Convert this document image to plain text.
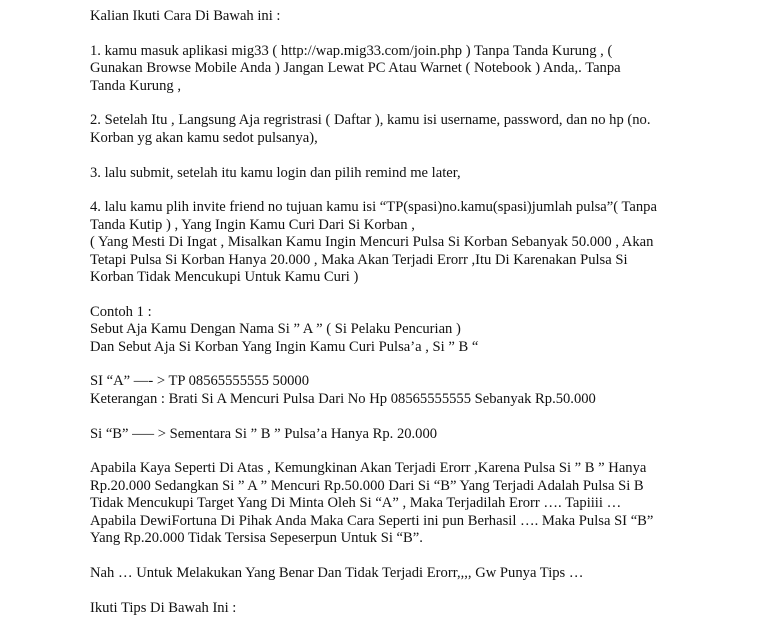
Kalian Ikuti Cara Di Bawah ini :

1. kamu masuk aplikasi mig33 ( http://wap.mig33.com/join.php ) Tanpa Tanda Kurung , (
Gunakan Browse Mobile Anda ) Jangan Lewat PC Atau Warnet ( Notebook ) Anda,. Tanpa
Tanda Kurung ,

2. Setelah Itu , Langsung Aja regristrasi ( Daftar ), kamu isi username, password, dan no hp (no.
Korban yg akan kamu sedot pulsanya),

3. lalu submit, setelah itu kamu login dan pilih remind me later,

4. lalu kamu plih invite friend no tujuan kamu isi “TP(spasi)no.kamu(spasi)jumlah pulsa”( Tanpa
Tanda Kutip ) , Yang Ingin Kamu Curi Dari Si Korban ,
( Yang Mesti Di Ingat , Misalkan Kamu Ingin Mencuri Pulsa Si Korban Sebanyak 50.000 , Akan
Tetapi Pulsa Si Korban Hanya 20.000 , Maka Akan Terjadi Erorr ,Itu Di Karenakan Pulsa Si
Korban Tidak Mencukupi Untuk Kamu Curi )

Contoh 1 :
Sebut Aja Kamu Dengan Nama Si ” A ” ( Si Pelaku Pencurian )
Dan Sebut Aja Si Korban Yang Ingin Kamu Curi Pulsa’a , Si ” B “

SI “A” —- > TP 08565555555 50000
Keterangan : Brati Si A Mencuri Pulsa Dari No Hp 08565555555 Sebanyak Rp.50.000

Si “B” —– > Sementara Si ” B ” Pulsa’a Hanya Rp. 20.000

Apabila Kaya Seperti Di Atas , Kemungkinan Akan Terjadi Erorr ,Karena Pulsa Si ” B ” Hanya
Rp.20.000 Sedangkan Si ” A ” Mencuri Rp.50.000 Dari Si “B” Yang Terjadi Adalah Pulsa Si B
Tidak Mencukupi Target Yang Di Minta Oleh Si “A” , Maka Terjadilah Erorr …. Tapiiii …
Apabila DewiFortuna Di Pihak Anda Maka Cara Seperti ini pun Berhasil …. Maka Pulsa SI “B”
Yang Rp.20.000 Tidak Tersisa Sepeserpun Untuk Si “B”.

Nah … Untuk Melakukan Yang Benar Dan Tidak Terjadi Erorr,,,, Gw Punya Tips …

Ikuti Tips Di Bawah Ini :
